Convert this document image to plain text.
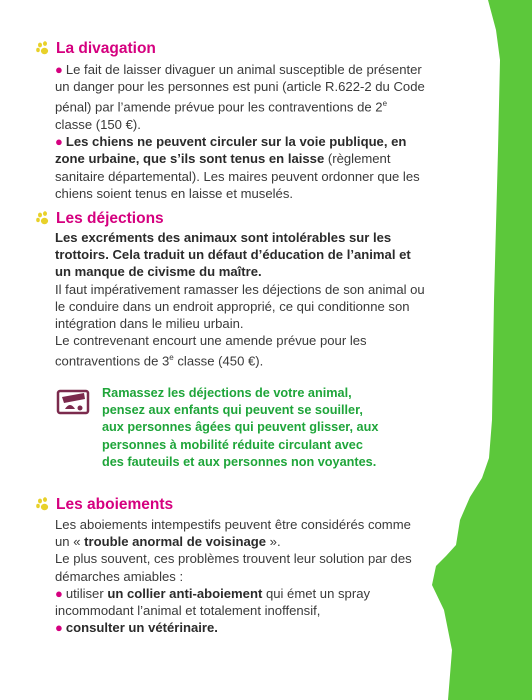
La divagation

● Le fait de laisser divaguer un animal susceptible de présenter un danger pour les personnes est puni (article R.622-2 du Code pénal) par l’amende prévue pour les contraventions de 2e classe (150 €).

● Les chiens ne peuvent circuler sur la voie publique, en zone urbaine, que s’ils sont tenus en laisse (règlement sanitaire départemental). Les maires peuvent ordonner que les chiens soient tenus en laisse et muselés.

Les déjections

Les excréments des animaux sont intolérables sur les trottoirs. Cela traduit un défaut d’éducation de l’animal et un manque de civisme du maître.

Il faut impérativement ramasser les déjections de son animal ou le conduire dans un endroit approprié, ce qui conditionne son intégration dans le milieu urbain.

Le contrevenant encourt une amende prévue pour les contraventions de 3e classe (450 €).

Ramassez les déjections de votre animal,
pensez aux enfants qui peuvent se souiller,
aux personnes âgées qui peuvent glisser, aux
personnes à mobilité réduite circulant avec
des fauteuils et aux personnes non voyantes.

Les aboiements

Les aboiements intempestifs peuvent être considérés comme un « trouble anormal de voisinage ».

Le plus souvent, ces problèmes trouvent leur solution par des démarches amiables :

● utiliser un collier anti-aboiement qui émet un spray incommodant l’animal et totalement inoffensif,

● consulter un vétérinaire.
